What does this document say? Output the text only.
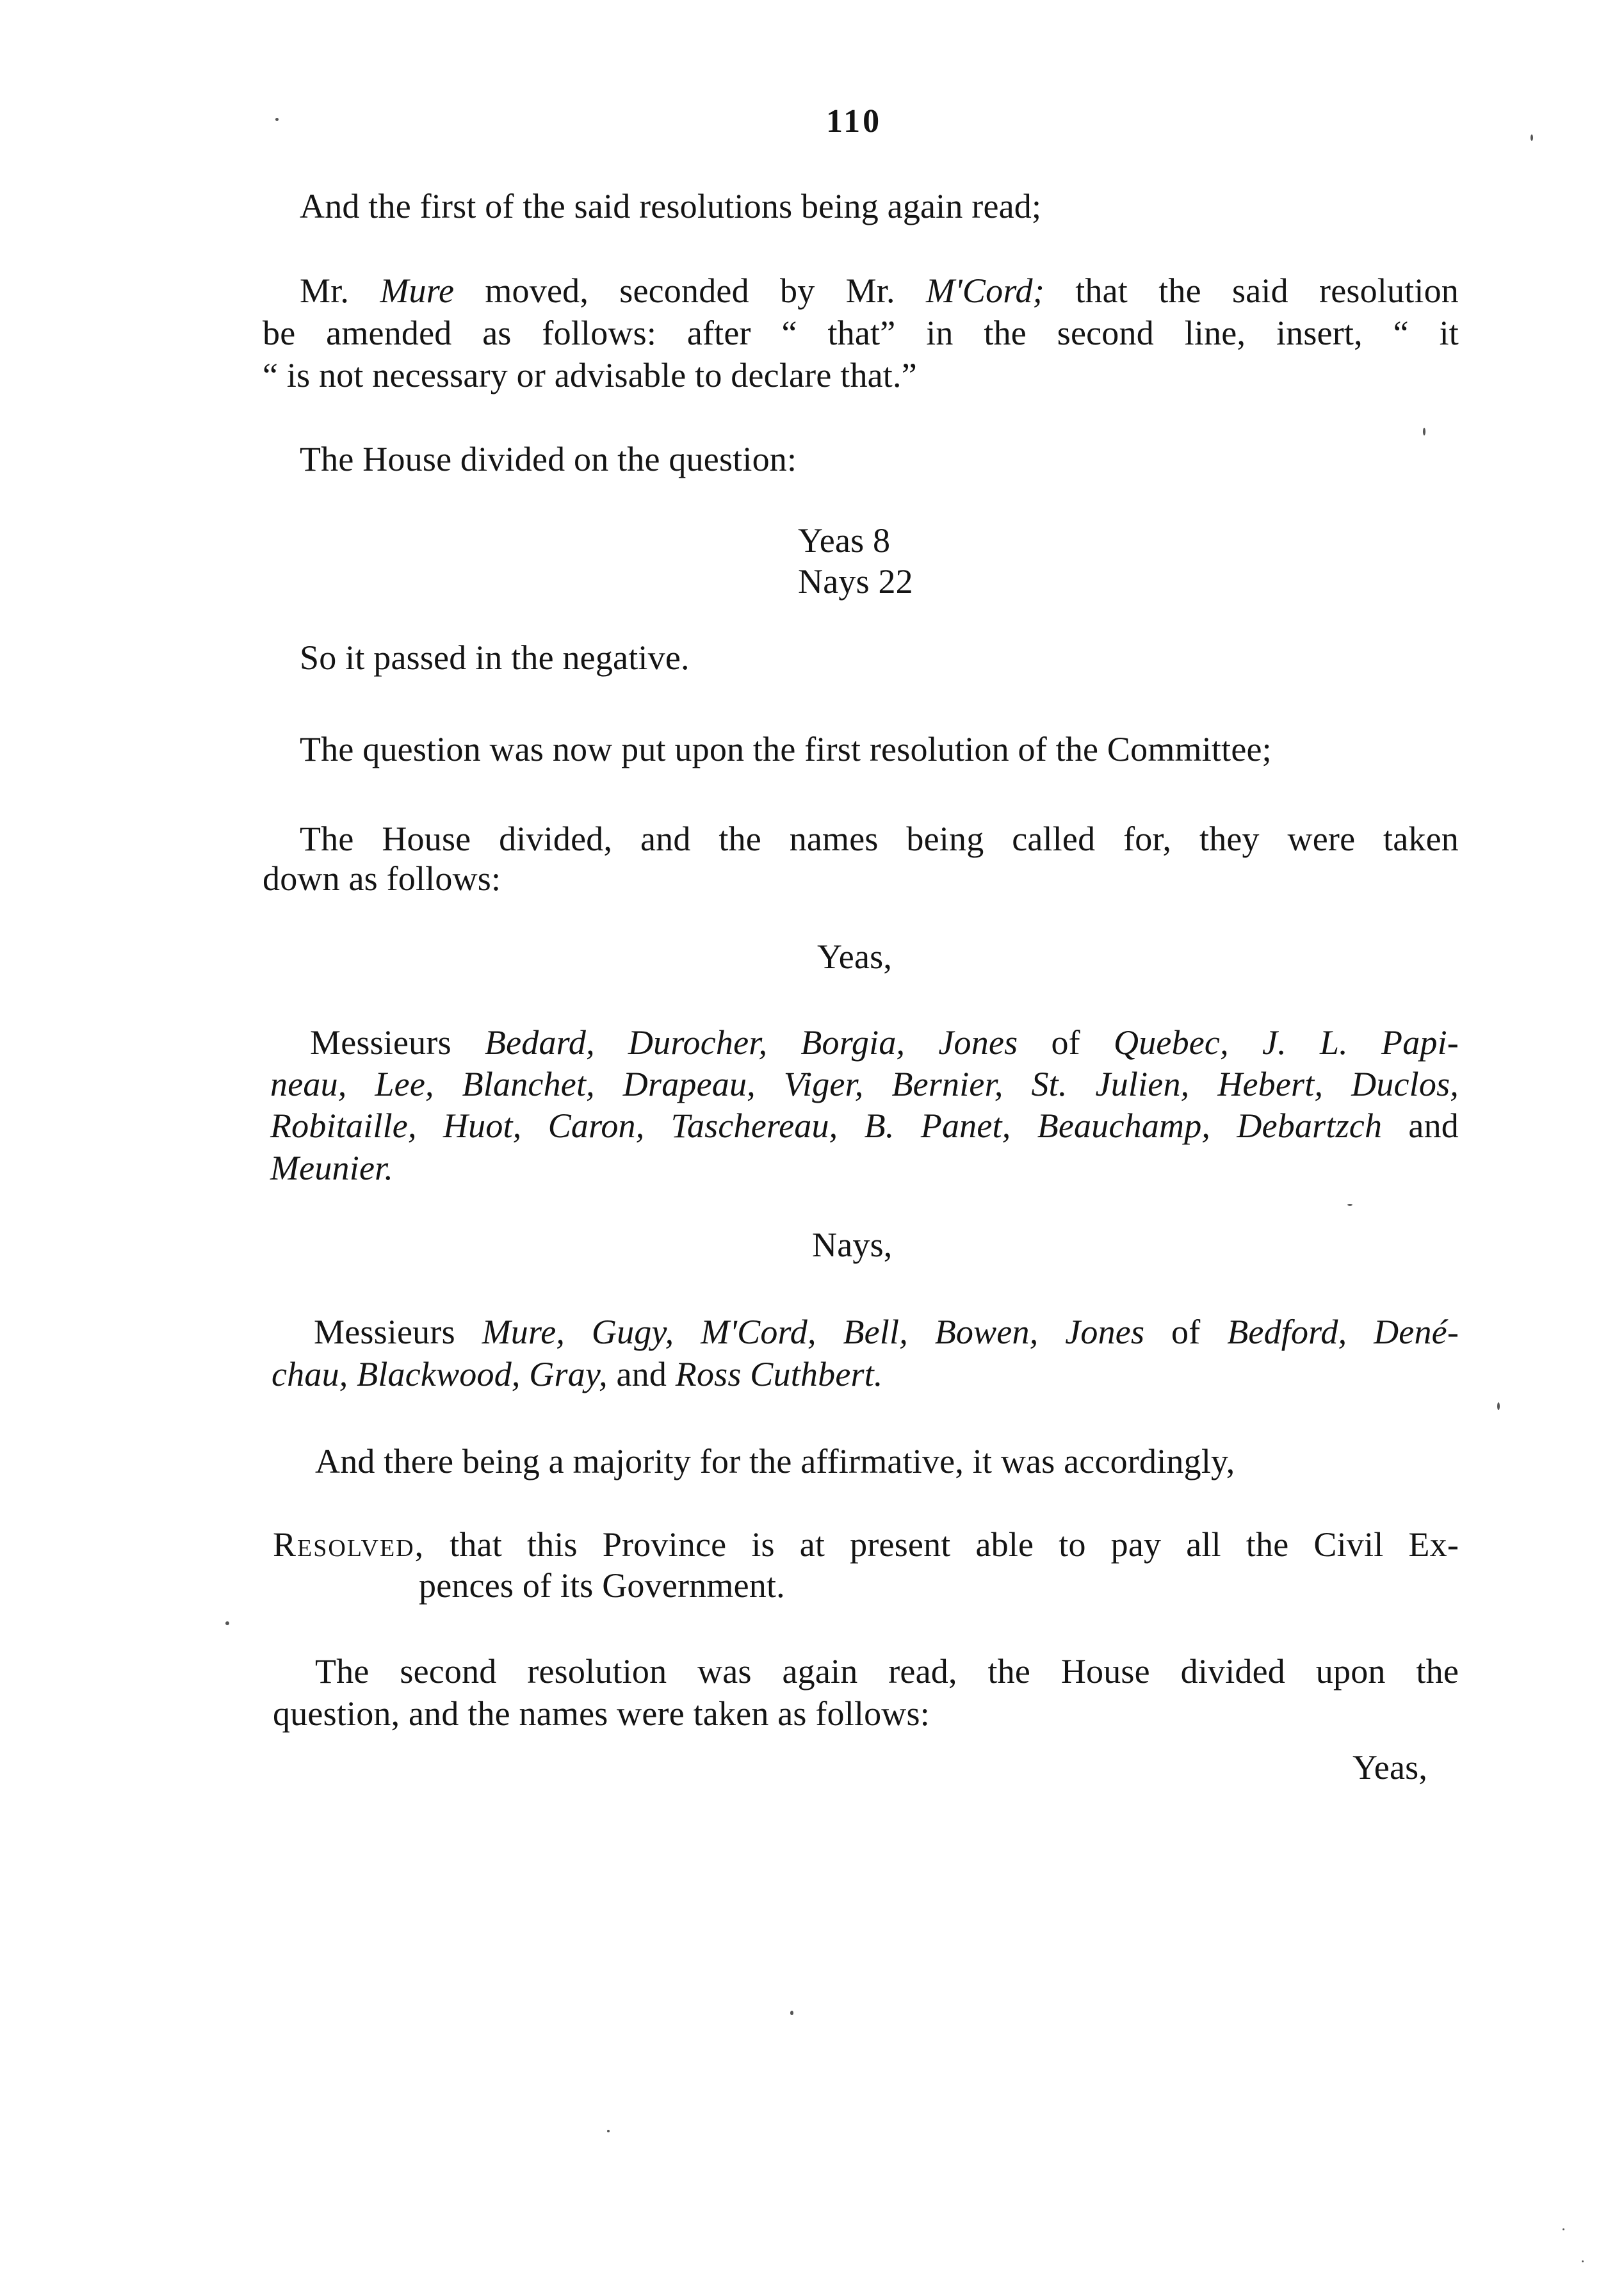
110
And the first of the said resolutions being again read;
Mr. Mure moved, seconded by Mr. M'Cord; that the said resolution
be amended as follows: after “ that” in the second line, insert, “ it
“ is not necessary or advisable to declare that.”
The House divided on the question:
Yeas 8
Nays 22
So it passed in the negative.
The question was now put upon the first resolution of the Committee;
The House divided, and the names being called for, they were taken
down as follows:
Yeas,
Messieurs Bedard, Durocher, Borgia, Jones of Quebec, J. L. Papi-
neau, Lee, Blanchet, Drapeau, Viger, Bernier, St. Julien, Hebert, Duclos,
Robitaille, Huot, Caron, Taschereau, B. Panet, Beauchamp, Debartzch and
Meunier.
Nays,
Messieurs Mure, Gugy, M'Cord, Bell, Bowen, Jones of Bedford, Dené-
chau, Blackwood, Gray, and Ross Cuthbert.
And there being a majority for the affirmative, it was accordingly,
Resolved, that this Province is at present able to pay all the Civil Ex-
pences of its Government.
The second resolution was again read, the House divided upon the
question, and the names were taken as follows:
Yeas,
